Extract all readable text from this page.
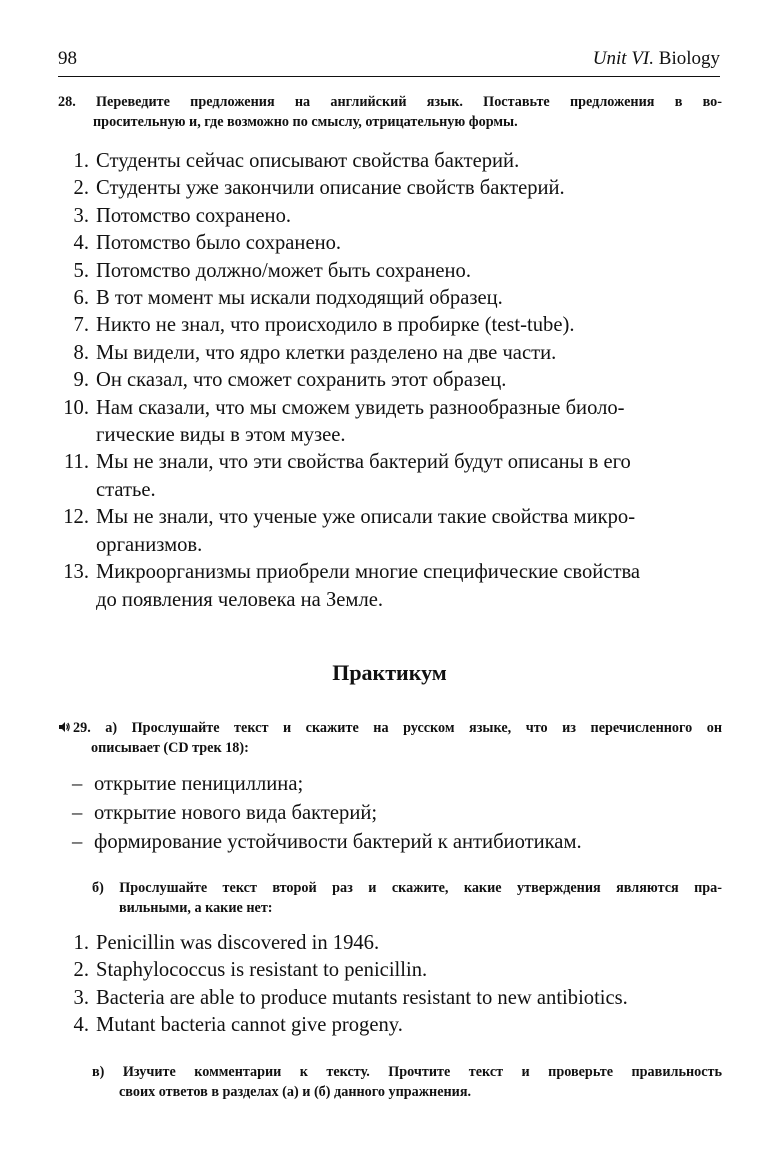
98	Unit VI. Biology
28. Переведите предложения на английский язык. Поставьте предложения в во-
просительную и, где возможно по смыслу, отрицательную формы.
1. Студенты сейчас описывают свойства бактерий.
2. Студенты уже закончили описание свойств бактерий.
3. Потомство сохранено.
4. Потомство было сохранено.
5. Потомство должно/может быть сохранено.
6. В тот момент мы искали подходящий образец.
7. Никто не знал, что происходило в пробирке (test-tube).
8. Мы видели, что ядро клетки разделено на две части.
9. Он сказал, что сможет сохранить этот образец.
10. Нам сказали, что мы сможем увидеть разнообразные биоло-
гические виды в этом музее.
11. Мы не знали, что эти свойства бактерий будут описаны в его
статье.
12. Мы не знали, что ученые уже описали такие свойства микро-
организмов.
13. Микроорганизмы приобрели многие специфические свойства
до появления человека на Земле.
Практикум
29. а) Прослушайте текст и скажите на русском языке, что из перечисленного он
описывает (CD трек 18):
– открытие пенициллина;
– открытие нового вида бактерий;
– формирование устойчивости бактерий к антибиотикам.
б) Прослушайте текст второй раз и скажите, какие утверждения являются пра-
вильными, а какие нет:
1. Penicillin was discovered in 1946.
2. Staphylococcus is resistant to penicillin.
3. Bacteria are able to produce mutants resistant to new antibiotics.
4. Mutant bacteria cannot give progeny.
в) Изучите комментарии к тексту. Прочтите текст и проверьте правильность
своих ответов в разделах (а) и (б) данного упражнения.
